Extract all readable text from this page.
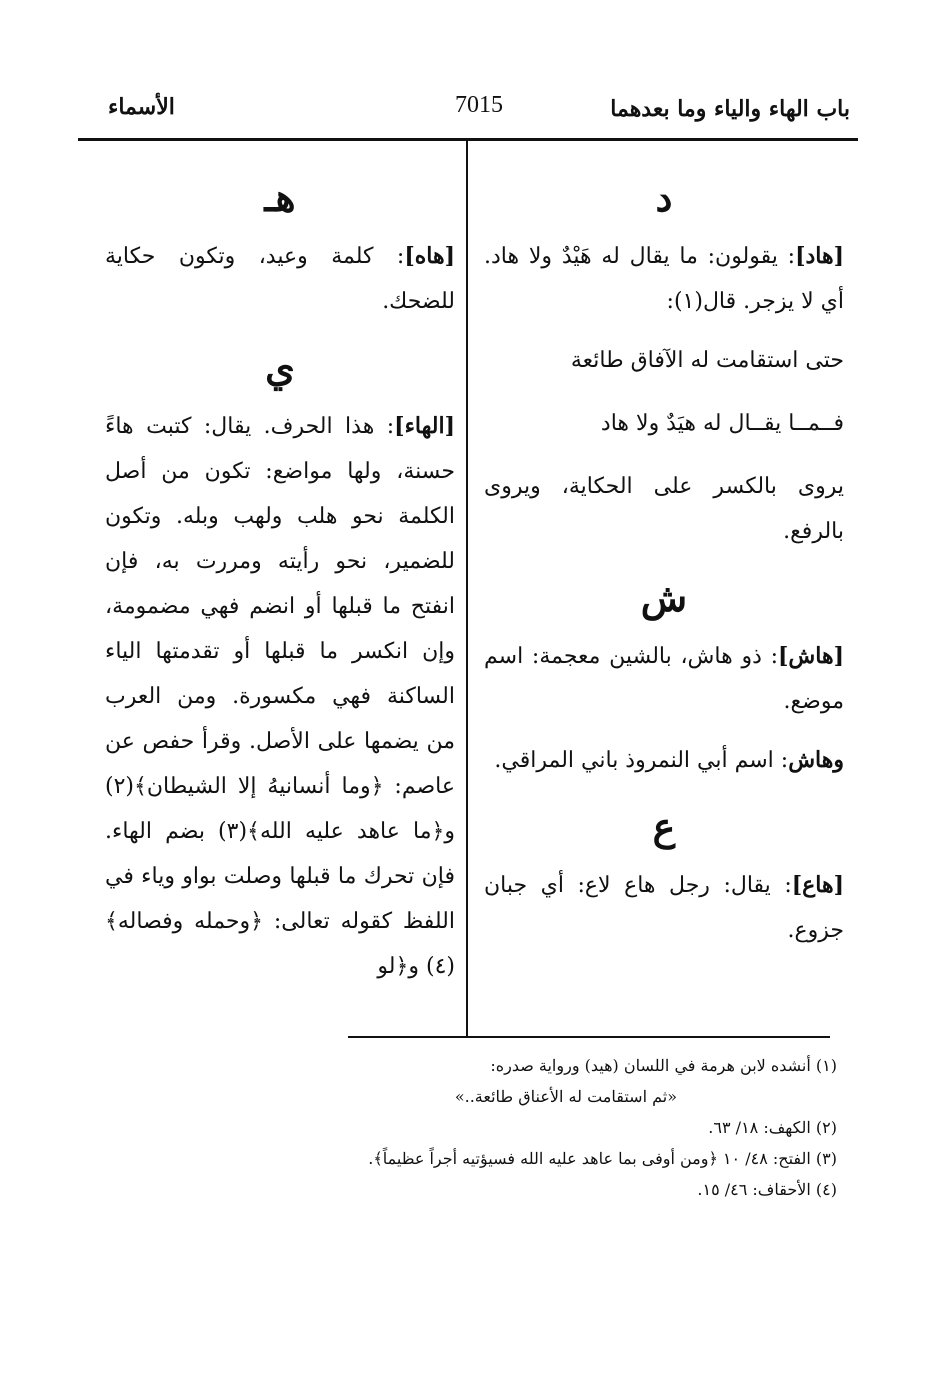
باب الهاء والياء وما بعدهما
7015
الأسماء
د

[هاد]: يقولون: ما يقال له هَيْدٌ ولا هاد. أي لا يزجر. قال(١):

حتى استقامت له الآفاق طائعة

فــمــا يقــال له هيَدٌ ولا هاد

يروى بالكسر على الحكاية، ويروى بالرفع.

ش

[هاش]: ذو هاش، بالشين معجمة: اسم موضع.

وهاش: اسم أبي النمروذ باني المراقي.

ع

[هاع]: يقال: رجل هاع لاع: أي جبان جزوع.

هـ

[هاه]: كلمة وعيد، وتكون حكاية للضحك.

ي

[الهاء]: هذا الحرف. يقال: كتبت هاءً حسنة، ولها مواضع: تكون من أصل الكلمة نحو هلب ولهب وبله. وتكون للضمير، نحو رأيته ومررت به، فإن انفتح ما قبلها أو انضم فهي مضمومة، وإن انكسر ما قبلها أو تقدمتها الياء الساكنة فهي مكسورة. ومن العرب من يضمها على الأصل. وقرأ حفص عن عاصم: ﴿وما أنسانيهُ إلا الشيطان﴾(٢) و﴿ما عاهد عليه الله﴾(٣) بضم الهاء. فإن تحرك ما قبلها وصلت بواو وياء في اللفظ كقوله تعالى: ﴿وحمله وفصاله﴾(٤) و﴿لو

(١) أنشده لابن هرمة في اللسان (هيد) ورواية صدره:

«ثم استقامت له الأعناق طائعة..»

(٢) الكهف: ١٨/ ٦٣.

(٣) الفتح: ٤٨/ ١٠ ﴿ومن أوفى بما عاهد عليه الله فسيؤتيه أجراً عظيماً﴾.

(٤) الأحقاف: ٤٦/ ١٥.
